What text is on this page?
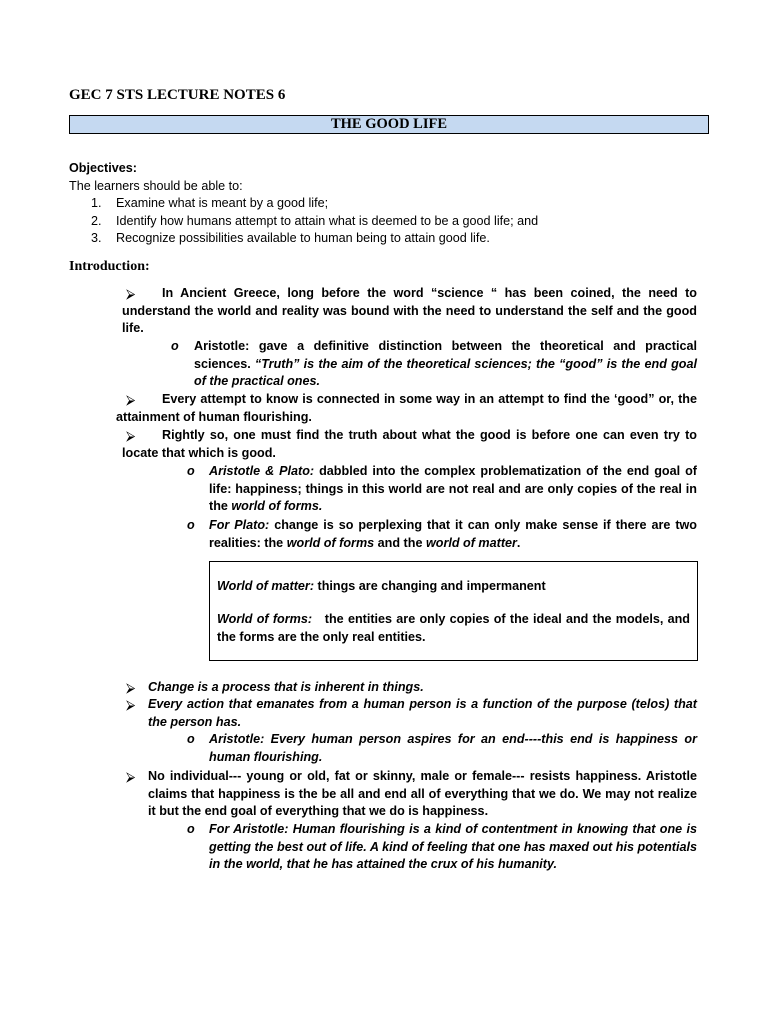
GEC 7 STS LECTURE NOTES 6
THE GOOD LIFE
Objectives:
The learners should be able to:
1. Examine what is meant by a good life;
2. Identify how humans attempt to attain what is deemed to be a good life; and
3. Recognize possibilities available to human being to attain good life.
Introduction:
⮚	In Ancient Greece, long before the word “science “ has been coined, the need to understand the world and reality was bound with the need to understand the self and the good life.
o Aristotle: gave a definitive distinction between the theoretical and practical sciences. “Truth” is the aim of the theoretical sciences; the “good” is the end goal of the practical ones.
⮚	Every attempt to know is connected in some way in an attempt to find the ‘good” or, the attainment of human flourishing.
⮚	Rightly so, one must find the truth about what the good is before one can even try to locate that which is good.
o Aristotle & Plato: dabbled into the complex problematization of the end goal of life: happiness; things in this world are not real and are only copies of the real in the world of forms.
o For Plato: change is so perplexing that it can only make sense if there are two realities: the world of forms and the world of matter.
World of matter: things are changing and impermanent
World of forms: the entities are only copies of the ideal and the models, and the forms are the only real entities.
⮚ Change is a process that is inherent in things.
⮚ Every action that emanates from a human person is a function of the purpose (telos) that the person has.
o Aristotle: Every human person aspires for an end----this end is happiness or human flourishing.
⮚ No individual--- young or old, fat or skinny, male or female--- resists happiness. Aristotle claims that happiness is the be all and end all of everything that we do. We may not realize it but the end goal of everything that we do is happiness.
o For Aristotle: Human flourishing is a kind of contentment in knowing that one is getting the best out of life. A kind of feeling that one has maxed out his potentials in the world, that he has attained the crux of his humanity.
